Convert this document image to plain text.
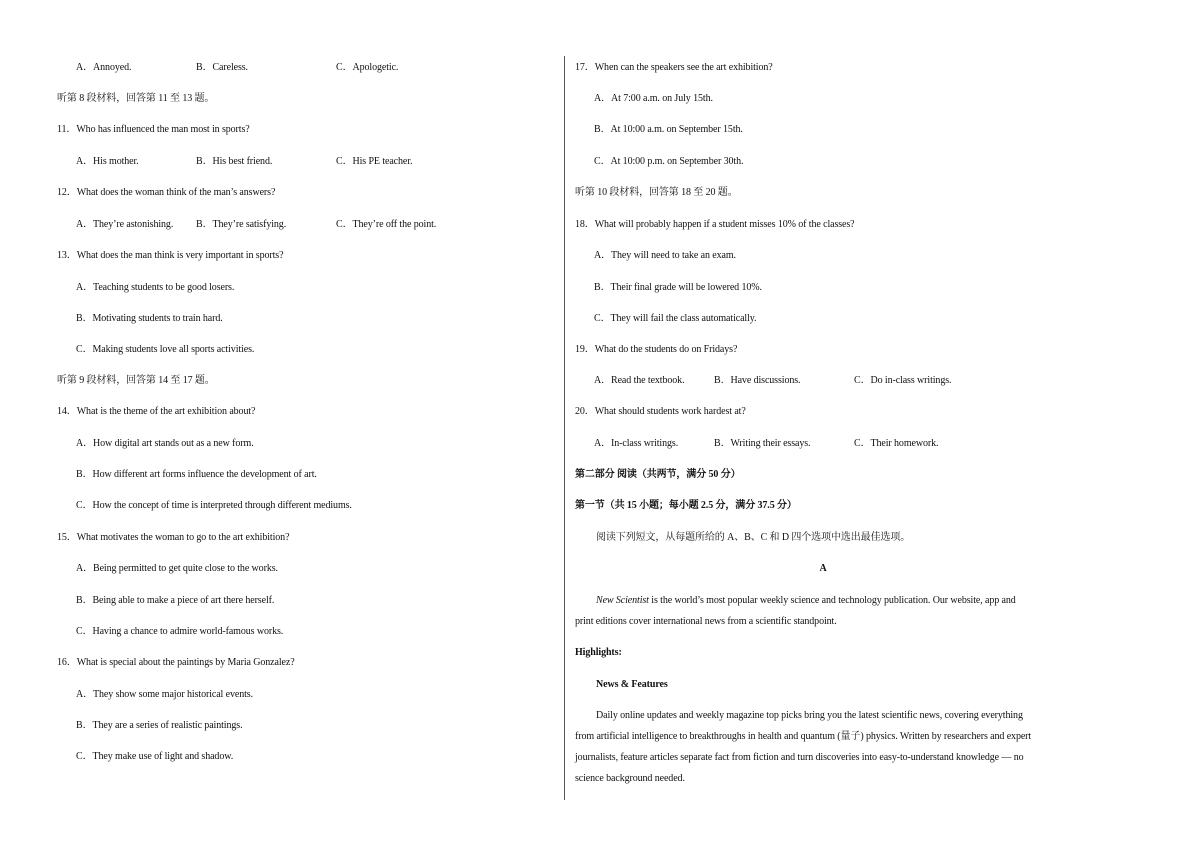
A．Annoyed.	B．Careless.	C．Apologetic.
听第 8 段材料，回答第 11 至 13 题。
11．Who has influenced the man most in sports?
A．His mother.	B．His best friend.	C．His PE teacher.
12．What does the woman think of the man’s answers?
A．They’re astonishing. B．They’re satisfying.	C．They’re off the point.
13．What does the man think is very important in sports?
A．Teaching students to be good losers.
B．Motivating students to train hard.
C．Making students love all sports activities.
听第 9 段材料，回答第 14 至 17 题。
14．What is the theme of the art exhibition about?
A．How digital art stands out as a new form.
B．How different art forms influence the development of art.
C．How the concept of time is interpreted through different mediums.
15．What motivates the woman to go to the art exhibition?
A．Being permitted to get quite close to the works.
B．Being able to make a piece of art there herself.
C．Having a chance to admire world-famous works.
16．What is special about the paintings by Maria Gonzalez?
A．They show some major historical events.
B．They are a series of realistic paintings.
C．They make use of light and shadow.
17．When can the speakers see the art exhibition?
A．At 7:00 a.m. on July 15th.
B．At 10:00 a.m. on September 15th.
C．At 10:00 p.m. on September 30th.
听第 10 段材料，回答第 18 至 20 题。
18．What will probably happen if a student misses 10% of the classes?
A．They will need to take an exam.
B．Their final grade will be lowered 10%.
C．They will fail the class automatically.
19．What do the students do on Fridays?
A．Read the textbook.	B．Have discussions.	C．Do in-class writings.
20．What should students work hardest at?
A．In-class writings.	B．Writing their essays.	C．Their homework.
第二部分 阅读（共两节，满分 50 分）
第一节（共 15 小题；每小题 2.5 分，满分 37.5 分）
阅读下列短文，从每题所给的 A、B、C 和 D 四个选项中选出最佳选项。
A
New Scientist is the world’s most popular weekly science and technology publication. Our website, app and
print editions cover international news from a scientific standpoint.
Highlights:
News & Features
Daily online updates and weekly magazine top picks bring you the latest scientific news, covering everything
from artificial intelligence to breakthroughs in health and quantum (量子) physics. Written by researchers and expert
journalists, feature articles separate fact from fiction and turn discoveries into easy-to-understand knowledge — no
science background needed.
